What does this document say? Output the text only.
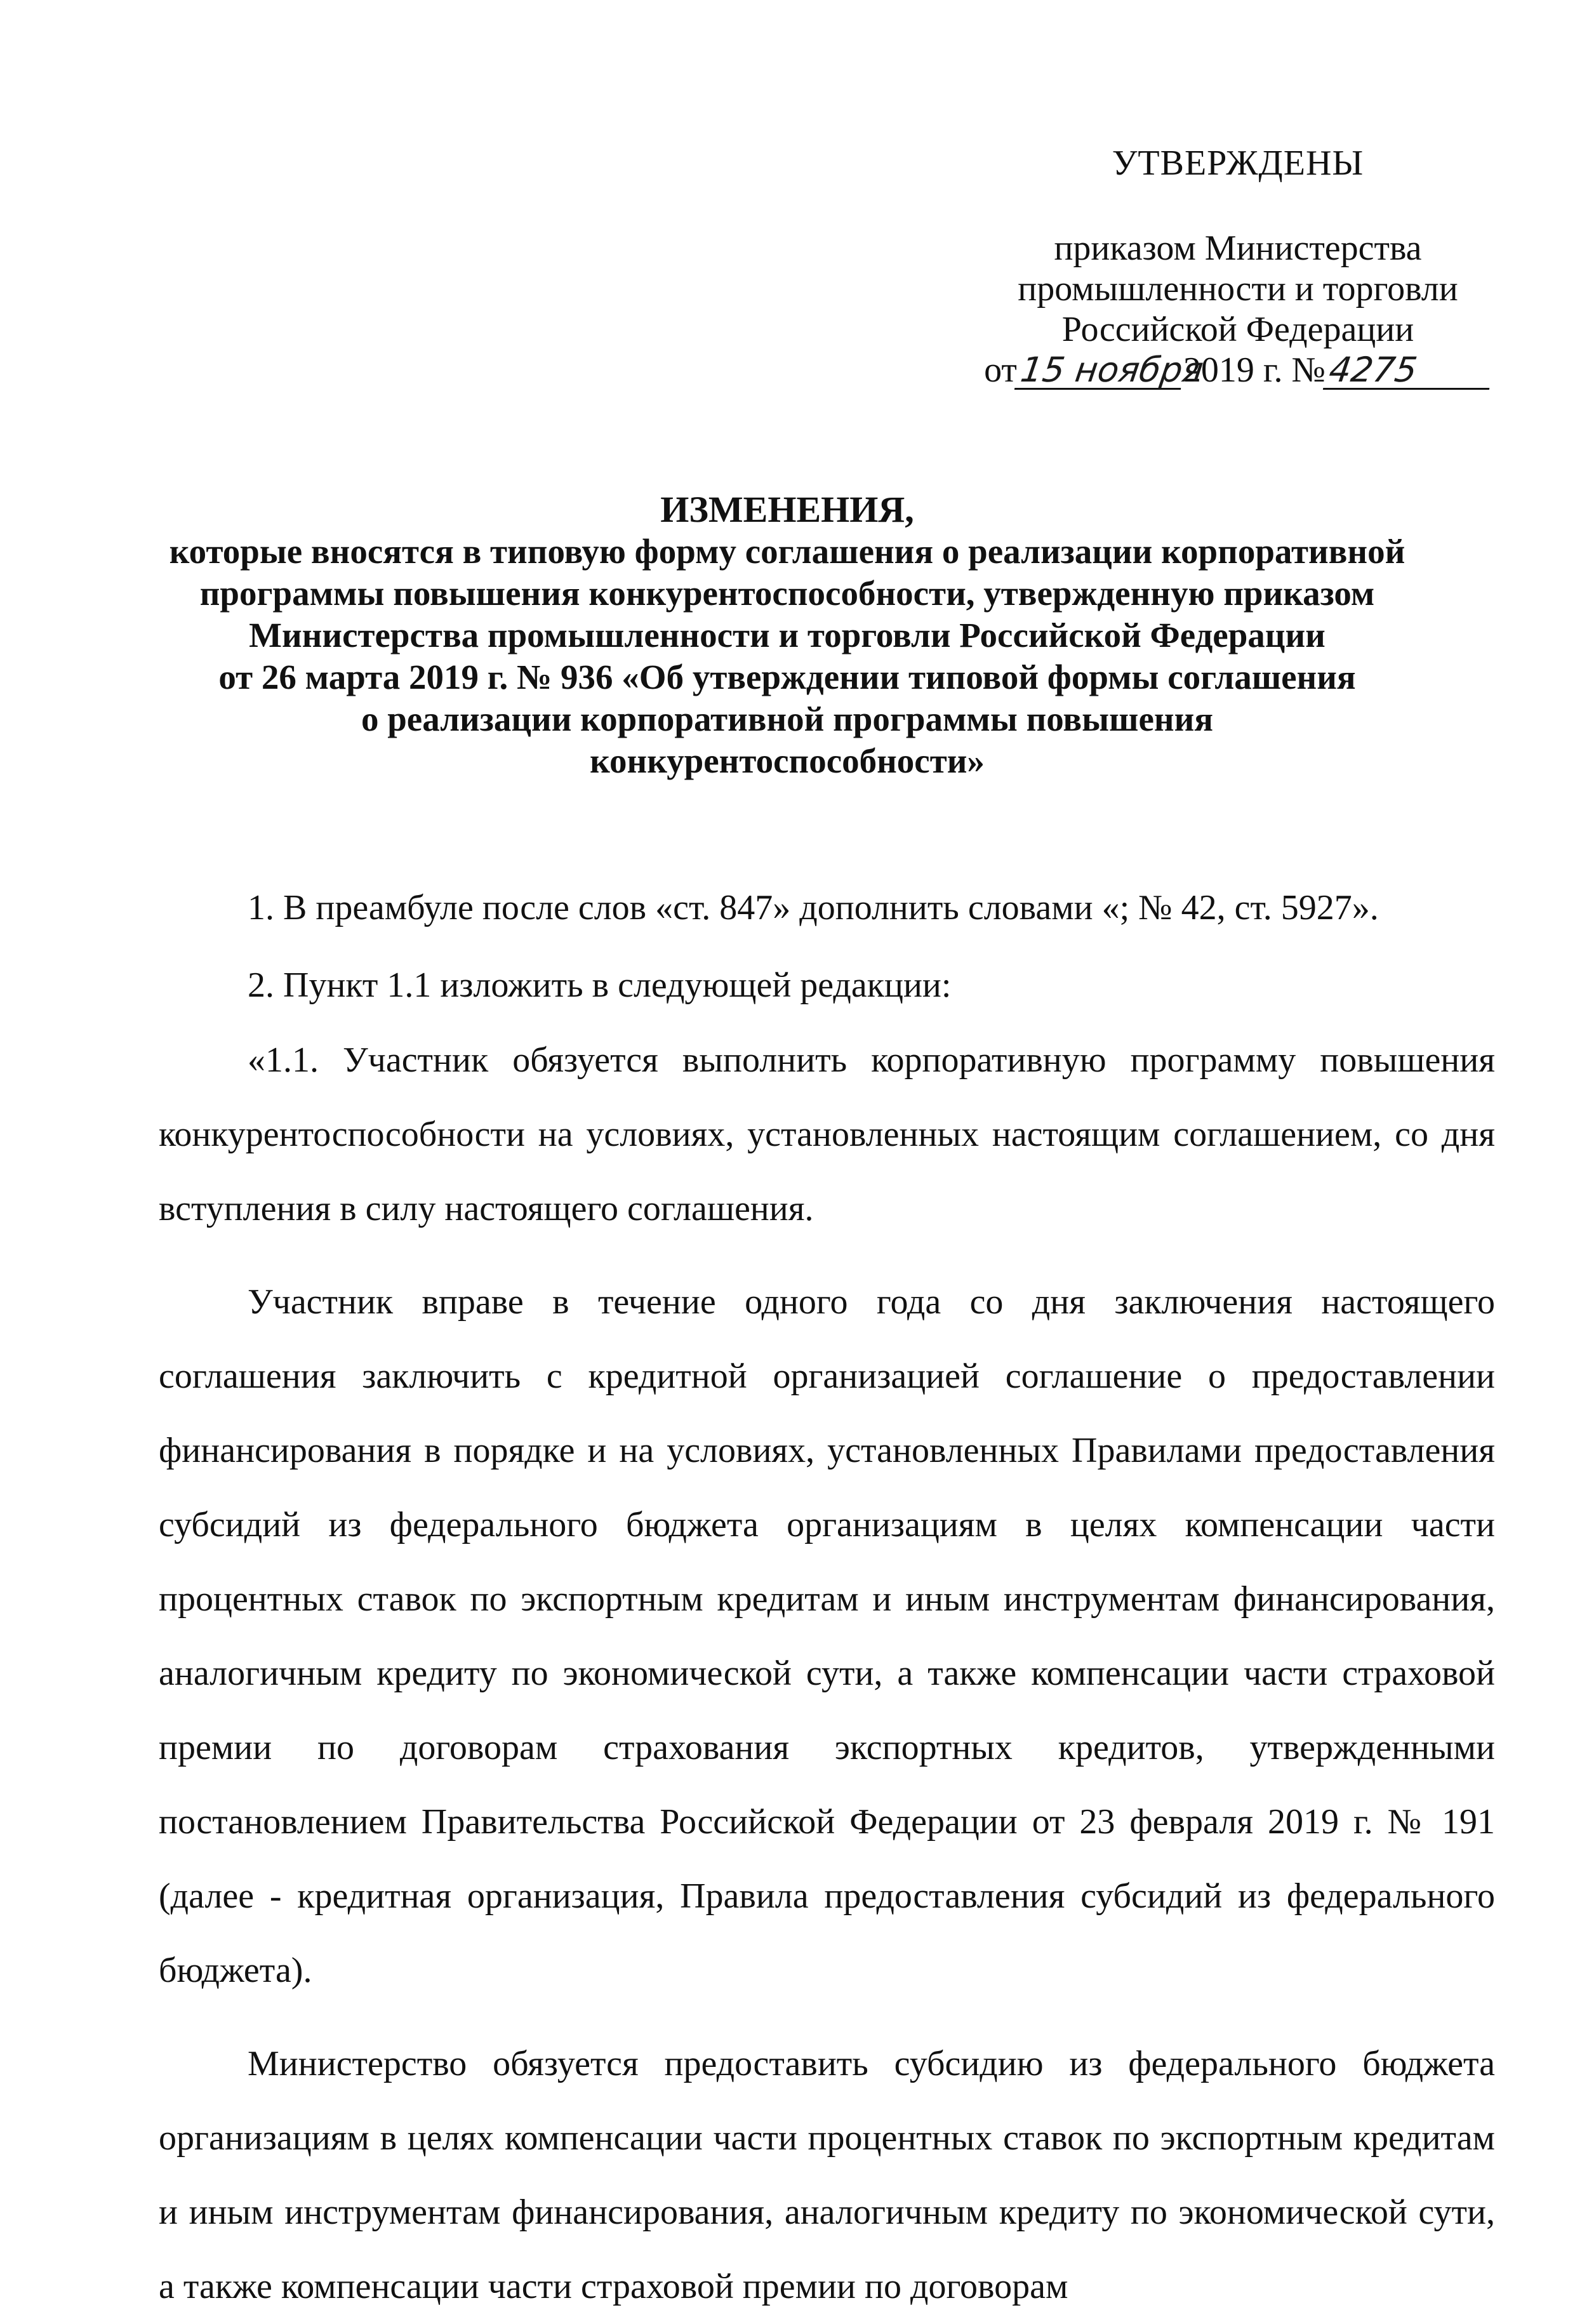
УТВЕРЖДЕНЫ
приказом Министерства
промышленности и торговли
Российской Федерации
от15 ноября2019 г. №4275
ИЗМЕНЕНИЯ,
которые вносятся в типовую форму соглашения о реализации корпоративной
программы повышения конкурентоспособности, утвержденную приказом
Министерства промышленности и торговли Российской Федерации
от 26 марта 2019 г. № 936 «Об утверждении типовой формы соглашения
о реализации корпоративной программы повышения
конкурентоспособности»

1. В преамбуле после слов «ст. 847» дополнить словами «; № 42, ст. 5927».

2. Пункт 1.1 изложить в следующей редакции:

«1.1. Участник обязуется выполнить корпоративную программу повышения конкурентоспособности на условиях, установленных настоящим соглашением, со дня вступления в силу настоящего соглашения.

Участник вправе в течение одного года со дня заключения настоящего соглашения заключить с кредитной организацией соглашение о предоставлении финансирования в порядке и на условиях, установленных Правилами предоставления субсидий из федерального бюджета организациям в целях компенсации части процентных ставок по экспортным кредитам и иным инструментам финансирования, аналогичным кредиту по экономической сути, а также компенсации части страховой премии по договорам страхования экспортных кредитов, утвержденными постановлением Правительства Российской Федерации от 23 февраля 2019 г. № 191 (далее - кредитная организация, Правила предоставления субсидий из федерального бюджета).

Министерство обязуется предоставить субсидию из федерального бюджета организациям в целях компенсации части процентных ставок по экспортным кредитам и иным инструментам финансирования, аналогичным кредиту по экономической сути, а также компенсации части страховой премии по договорам
